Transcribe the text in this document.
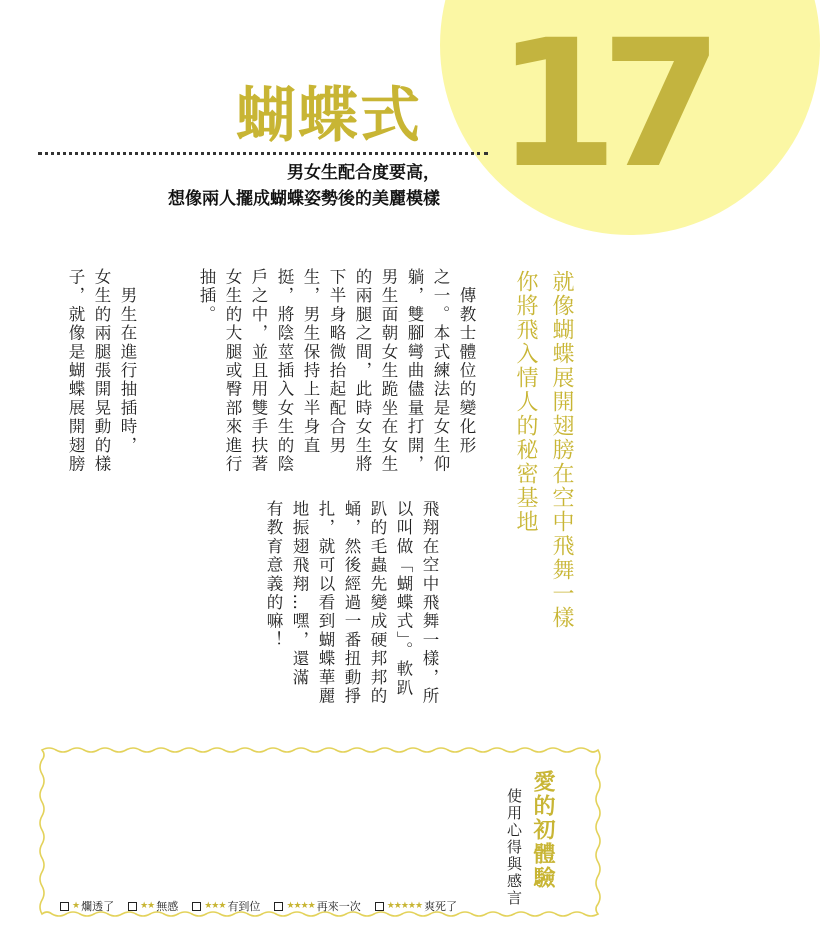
17
蝴蝶式
男女生配合度要高，
想像兩人擺成蝴蝶姿勢後的美麗模樣
就像蝴蝶展開翅膀在空中飛舞一樣
你將飛入情人的秘密基地
　傳教士體位的變化形
之一。本式練法是女生仰
躺，雙腳彎曲儘量打開，
男生面朝女生跪坐在女生
的兩腿之間，此時女生將
下半身略微抬起配合男
生，男生保持上半身直
挺，將陰莖插入女生的陰
戶之中，並且用雙手扶著
女生的大腿或臀部來進行
抽插。
飛翔在空中飛舞一樣，所
以叫做「蝴蝶式」。軟趴
趴的毛蟲先變成硬邦邦的
蛹，然後經過一番扭動掙
扎，就可以看到蝴蝶華麗
地振翅飛翔…嘿，還滿
有教育意義的嘛！
　男生在進行抽插時，
女生的兩腿張開晃動的樣
子，就像是蝴蝶展開翅膀
愛的初體驗
使用心得與感言
★ 爛透了	★★ 無感	★★★ 有到位	★★★★ 再來一次	★★★★★ 爽死了
